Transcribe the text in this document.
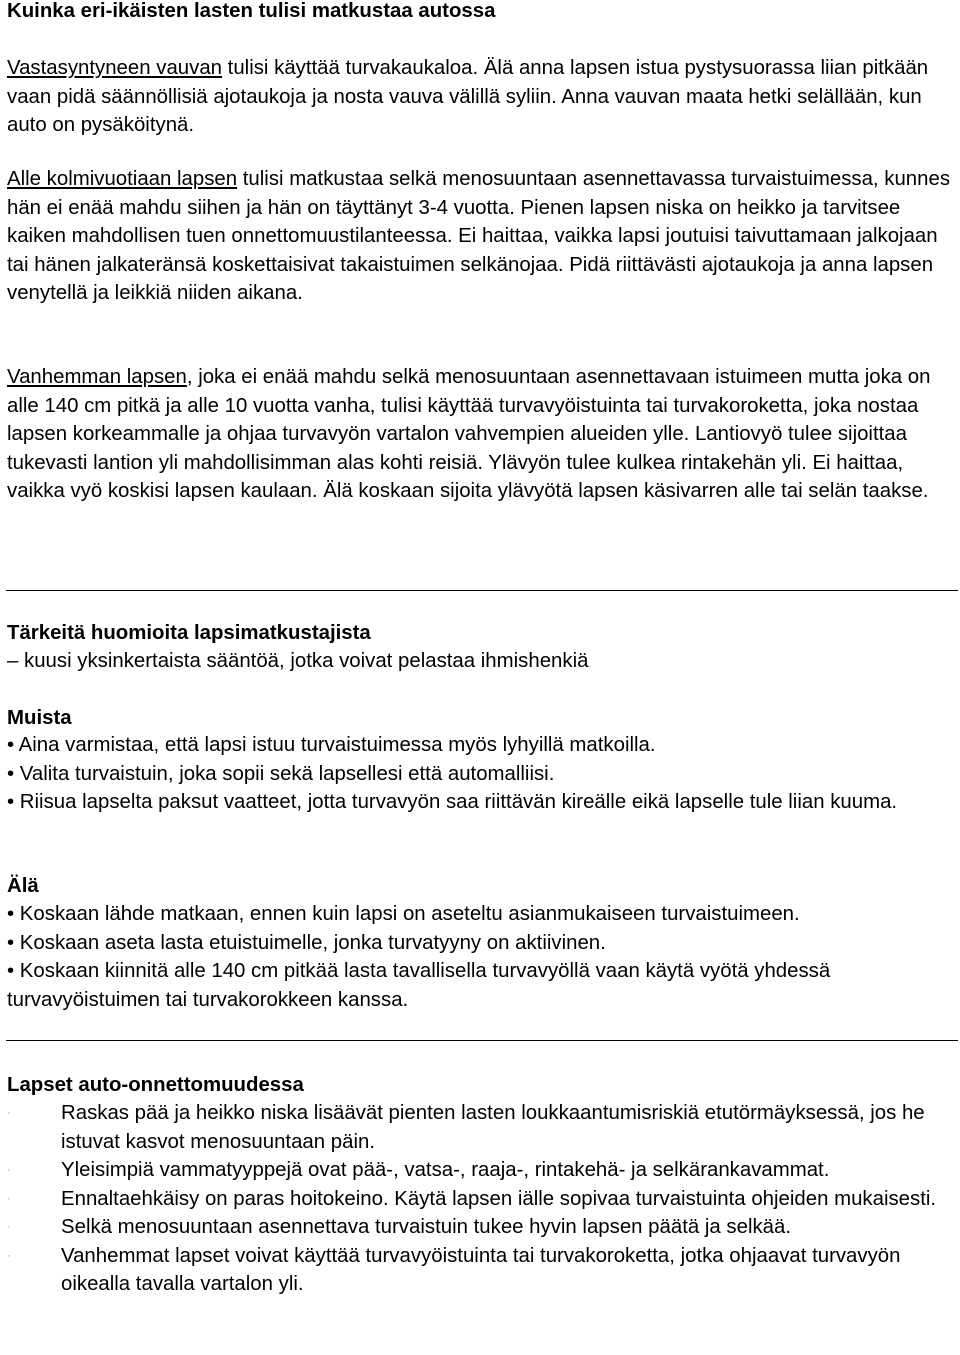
Kuinka eri-ikäisten lasten tulisi matkustaa autossa

Vastasyntyneen vauvan tulisi käyttää turvakaukaloa. Älä anna lapsen istua pystysuorassa liian pitkään vaan pidä säännöllisiä ajotaukoja ja nosta vauva välillä syliin. Anna vauvan maata hetki selällään, kun auto on pysäköitynä.

Alle kolmivuotiaan lapsen tulisi matkustaa selkä menosuuntaan asennettavassa turvaistuimessa, kunnes hän ei enää mahdu siihen ja hän on täyttänyt 3-4 vuotta. Pienen lapsen niska on heikko ja tarvitsee kaiken mahdollisen tuen onnettomuustilanteessa. Ei haittaa, vaikka lapsi joutuisi taivuttamaan jalkojaan tai hänen jalkateränsä koskettaisivat takaistuimen selkänojaa. Pidä riittävästi ajotaukoja ja anna lapsen venytellä ja leikkiä niiden aikana.

Vanhemman lapsen, joka ei enää mahdu selkä menosuuntaan asennettavaan istuimeen mutta joka on alle 140 cm pitkä ja alle 10 vuotta vanha, tulisi käyttää turvavyöistuinta tai turvakoroketta, joka nostaa lapsen korkeammalle ja ohjaa turvavyön vartalon vahvempien alueiden ylle. Lantiovyö tulee sijoittaa tukevasti lantion yli mahdollisimman alas kohti reisiä. Ylävyön tulee kulkea rintakehän yli. Ei haittaa, vaikka vyö koskisi lapsen kaulaan. Älä koskaan sijoita ylävyötä lapsen käsivarren alle tai selän taakse.

Tärkeitä huomioita lapsimatkustajista
– kuusi yksinkertaista sääntöä, jotka voivat pelastaa ihmishenkiä
Muista

• Aina varmistaa, että lapsi istuu turvaistuimessa myös lyhyillä matkoilla.

• Valita turvaistuin, joka sopii sekä lapsellesi että automalliisi.

• Riisua lapselta paksut vaatteet, jotta turvavyön saa riittävän kireälle eikä lapselle tule liian kuuma.

Älä

• Koskaan lähde matkaan, ennen kuin lapsi on aseteltu asianmukaiseen turvaistuimeen.

• Koskaan aseta lasta etuistuimelle, jonka turvatyyny on aktiivinen.

• Koskaan kiinnitä alle 140 cm pitkää lasta tavallisella turvavyöllä vaan käytä vyötä yhdessä turvavyöistuimen tai turvakorokkeen kanssa.

Lapset auto-onnettomuudessa
·	Raskas pää ja heikko niska lisäävät pienten lasten loukkaantumisriskiä etutörmäyksessä, jos he istuvat kasvot menosuuntaan päin.
·	Yleisimpiä vammatyyppejä ovat pää-, vatsa-, raaja-, rintakehä- ja selkärankavammat.
·	Ennaltaehkäisy on paras hoitokeino. Käytä lapsen iälle sopivaa turvaistuinta ohjeiden mukaisesti.
·	Selkä menosuuntaan asennettava turvaistuin tukee hyvin lapsen päätä ja selkää.
·	Vanhemmat lapset voivat käyttää turvavyöistuinta tai turvakoroketta, jotka ohjaavat turvavyön oikealla tavalla vartalon yli.
